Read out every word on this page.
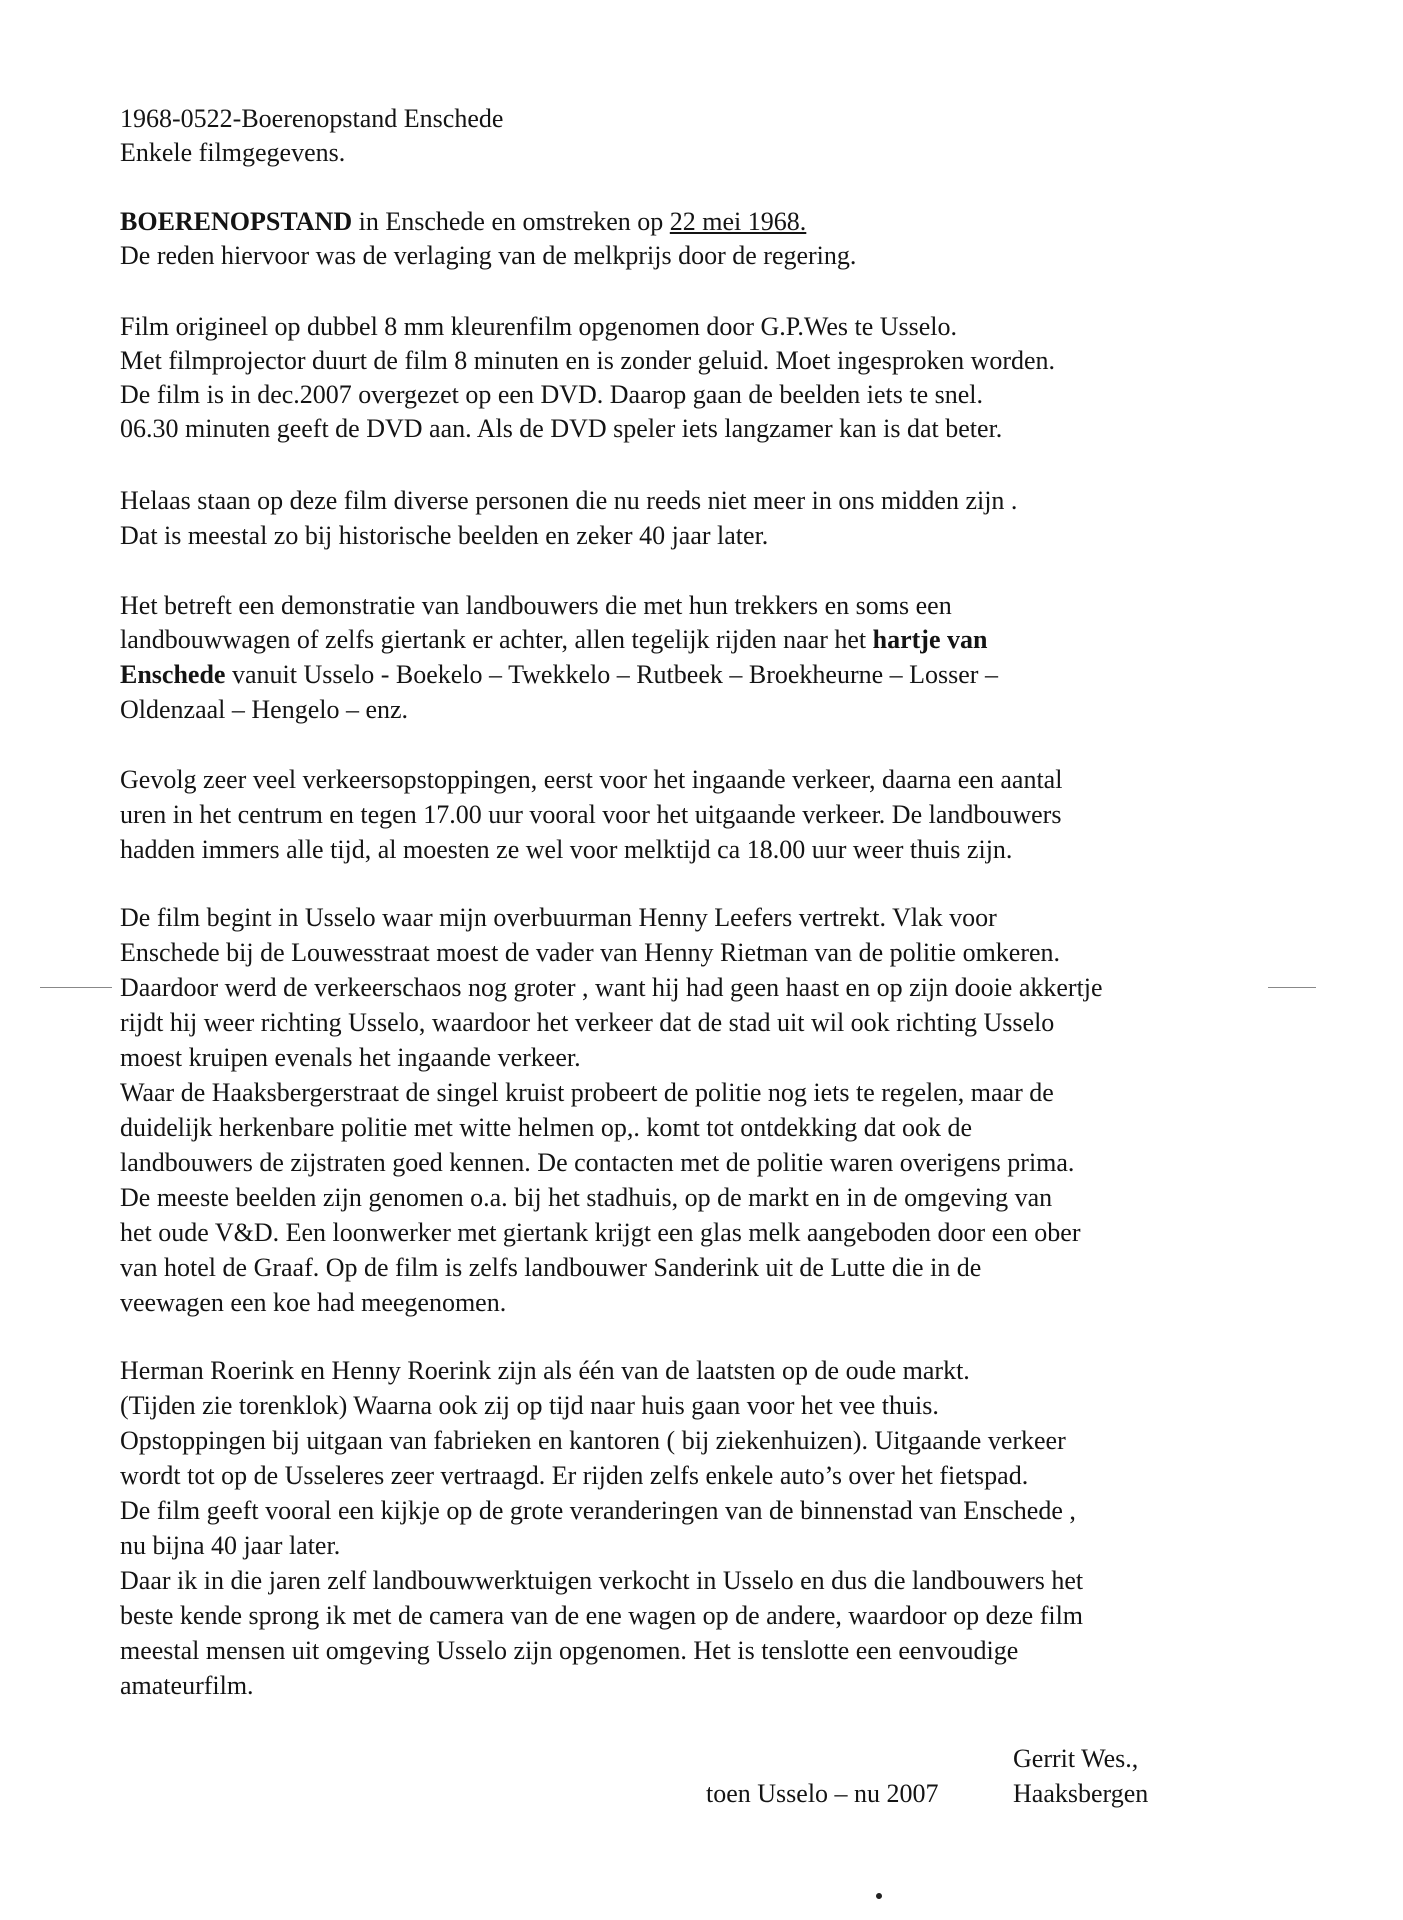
1968-0522-Boerenopstand Enschede
Enkele filmgegevens.
BOERENOPSTAND in Enschede en omstreken op 22 mei 1968.
De reden hiervoor was de verlaging van de melkprijs door de regering.
Film origineel op dubbel 8 mm kleurenfilm opgenomen door G.P.Wes te Usselo.
Met filmprojector duurt de film 8 minuten en is zonder geluid. Moet ingesproken worden.
De film is in dec.2007 overgezet op een DVD. Daarop gaan de beelden iets te snel.
06.30 minuten geeft de DVD aan. Als de DVD speler iets langzamer kan is dat beter.
Helaas staan op deze film diverse personen die nu reeds niet meer in ons midden zijn .
Dat is meestal zo bij historische beelden en zeker 40 jaar later.
Het betreft een demonstratie van landbouwers die met hun trekkers en soms een
landbouwwagen of zelfs giertank er achter, allen tegelijk rijden naar het hartje van
Enschede vanuit Usselo - Boekelo – Twekkelo – Rutbeek – Broekheurne – Losser –
Oldenzaal – Hengelo – enz.
Gevolg zeer veel verkeersopstoppingen, eerst voor het ingaande verkeer, daarna een aantal
uren in het centrum en tegen 17.00 uur vooral voor het uitgaande verkeer. De landbouwers
hadden immers alle tijd, al moesten ze wel voor melktijd ca 18.00 uur weer thuis zijn.
De film begint in Usselo waar mijn overbuurman Henny Leefers vertrekt. Vlak voor
Enschede bij de Louwesstraat moest de vader van Henny Rietman van de politie omkeren.
Daardoor werd de verkeerschaos nog groter , want hij had geen haast en op zijn dooie akkertje
rijdt hij weer richting Usselo, waardoor het verkeer dat de stad uit wil ook richting Usselo
moest kruipen evenals het ingaande verkeer.
Waar de Haaksbergerstraat de singel kruist probeert de politie nog iets te regelen, maar de
duidelijk herkenbare politie met witte helmen op,. komt tot ontdekking dat ook de
landbouwers de zijstraten goed kennen. De contacten met de politie waren overigens prima.
De meeste beelden zijn genomen o.a. bij het stadhuis, op de markt en in de omgeving van
het oude V&D. Een loonwerker met giertank krijgt een glas melk aangeboden door een ober
van hotel de Graaf. Op de film is zelfs landbouwer Sanderink uit de Lutte die in de
veewagen een koe had meegenomen.
Herman Roerink en Henny Roerink zijn als één van de laatsten op de oude markt.
(Tijden zie torenklok) Waarna ook zij op tijd naar huis gaan voor het vee thuis.
Opstoppingen bij uitgaan van fabrieken en kantoren ( bij ziekenhuizen). Uitgaande verkeer
wordt tot op de Usseleres zeer vertraagd. Er rijden zelfs enkele auto’s over het fietspad.
De film geeft vooral een kijkje op de grote veranderingen van de binnenstad van Enschede ,
nu bijna 40 jaar later.
Daar ik in die jaren zelf landbouwwerktuigen verkocht in Usselo en dus die landbouwers het
beste kende sprong ik met de camera van de ene wagen op de andere, waardoor op deze film
meestal mensen uit omgeving Usselo zijn opgenomen. Het is tenslotte een eenvoudige
amateurfilm.
Gerrit Wes.,
toen Usselo – nu 2007	Haaksbergen
